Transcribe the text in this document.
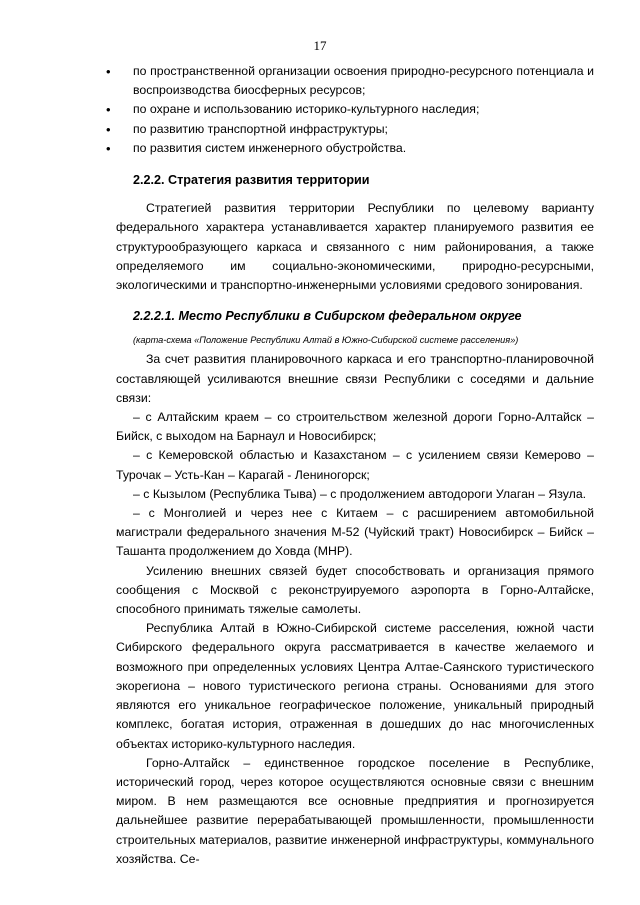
17
• по пространственной организации освоения природно-ресурсного потенциала и воспроизводства биосферных ресурсов;
• по охране и использованию историко-культурного наследия;
• по развитию транспортной инфраструктуры;
• по развития систем инженерного обустройства.
2.2.2. Стратегия развития территории

Стратегией развития территории Республики по целевому варианту федерального характера устанавливается характер планируемого развития ее структурообразующего каркаса и связанного с ним районирования, а также определяемого им социально-экономическими, природно-ресурсными, экологическими и транспортно-инженерными условиями средового зонирования.

2.2.2.1. Место Республики в Сибирском федеральном округе
(карта-схема «Положение Республики Алтай в Южно-Сибирской системе расселения»)

За счет развития планировочного каркаса и его транспортно-планировочной составляющей усиливаются внешние связи Республики с соседями и дальние связи:

– с Алтайским краем – со строительством железной дороги Горно-Алтайск – Бийск, с выходом на Барнаул и Новосибирск;

– с Кемеровской областью и Казахстаном – с усилением связи Кемерово – Турочак – Усть-Кан – Карагай - Лениногорск;

– с Кызылом (Республика Тыва) – с продолжением автодороги Улаган – Язула.

– с Монголией и через нее с Китаем – с расширением автомобильной магистрали федерального значения М-52 (Чуйский тракт) Новосибирск – Бийск – Ташанта продолжением до Ховда (МНР).

Усилению внешних связей будет способствовать и организация прямого сообщения с Москвой с реконструируемого аэропорта в Горно-Алтайске, способного принимать тяжелые самолеты.

Республика Алтай в Южно-Сибирской системе расселения, южной части Сибирского федерального округа рассматривается в качестве желаемого и возможного при определенных условиях Центра Алтае-Саянского туристического экорегиона – нового туристического региона страны. Основаниями для этого являются его уникальное географическое положение, уникальный природный комплекс, богатая история, отраженная в дошедших до нас многочисленных объектах историко-культурного наследия.

Горно-Алтайск – единственное городское поселение в Республике, исторический город, через которое осуществляются основные связи с внешним миром. В нем размещаются все основные предприятия и прогнозируется дальнейшее развитие перерабатывающей промышленности, промышленности строительных материалов, развитие инженерной инфраструктуры, коммунального хозяйства. Се-
